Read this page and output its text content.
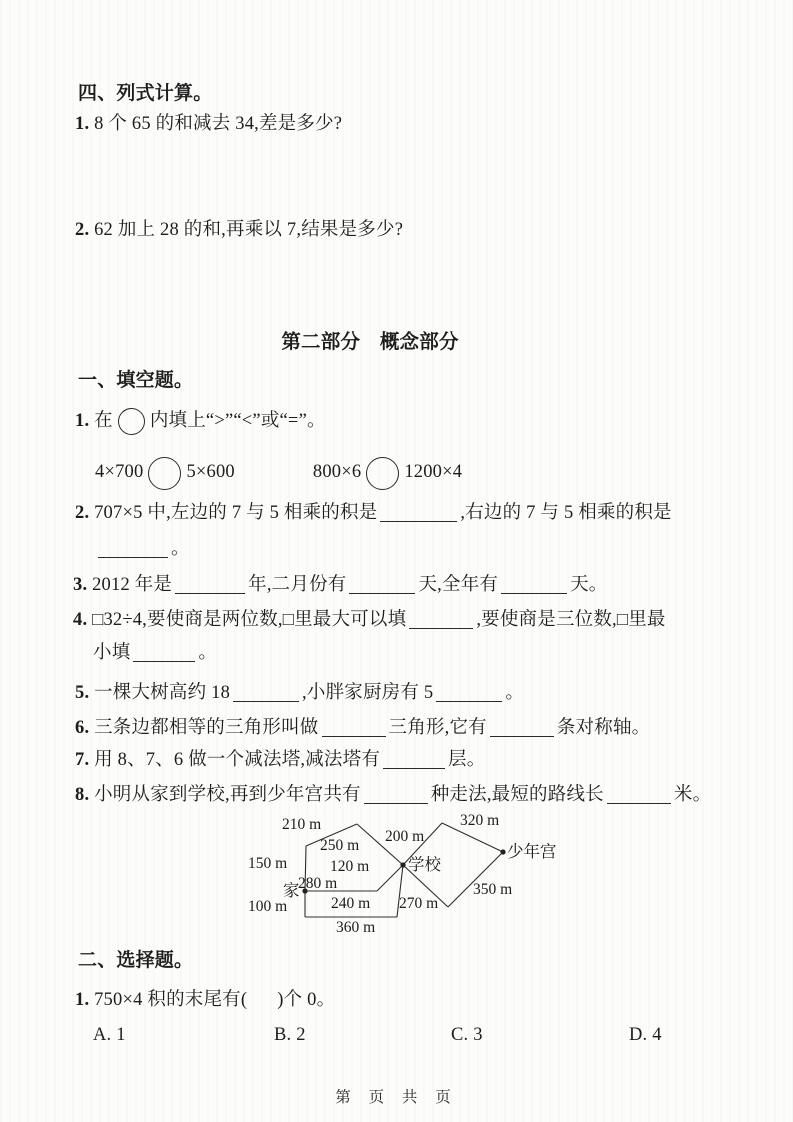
四、列式计算。
1. 8 个 65 的和减去 34,差是多少?
2. 62 加上 28 的和,再乘以 7,结果是多少?
第二部分　概念部分
一、填空题。
1. 在 内填上“>”“<”或“=”。
4×700 5×600	800×6 1200×4
2. 707×5 中,左边的 7 与 5 相乘的积是	,右边的 7 与 5 相乘的积是
。
3. 2012 年是	年,二月份有	天,全年有	天。
4. □32÷4,要使商是两位数,□里最大可以填	,要使商是三位数,□里最
小填	。
5. 一棵大树高约 18	,小胖家厨房有 5	。
6. 三条边都相等的三角形叫做	三角形,它有	条对称轴。
7. 用 8、7、6 做一个减法塔,减法塔有	层。
8. 小明从家到学校,再到少年宫共有	种走法,最短的路线长	米。
210 m
200 m
320 m
250 m
150 m	120 m
280 m	350 m
100 m	240 m 270 m
360 m
家
学校
少年宫
二、选择题。
1. 750×4 积的末尾有( )个 0。
A. 1	B. 2	C. 3	D. 4
第 页 共 页
